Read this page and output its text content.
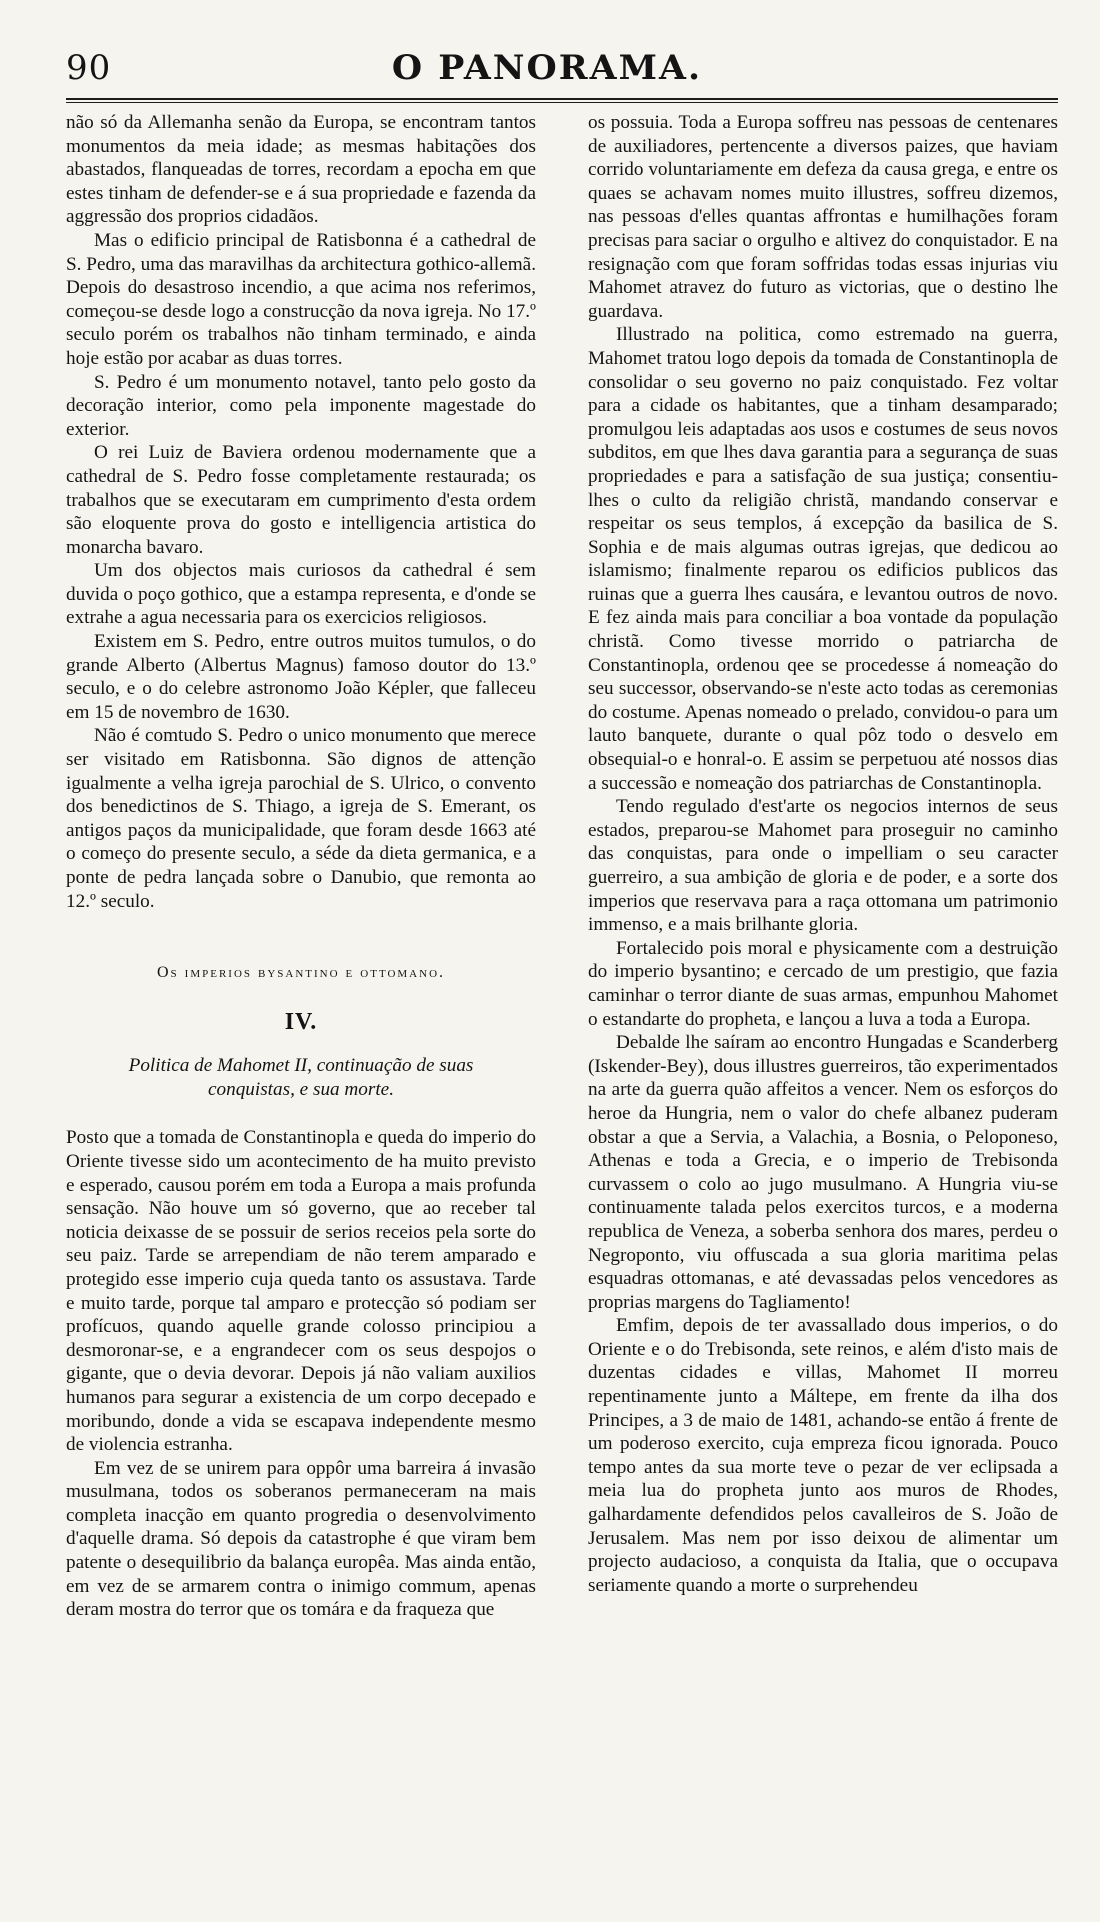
90	O PANORAMA.

não só da Allemanha senão da Europa, se encontram tantos monumentos da meia idade; as mesmas habitações dos abastados, flanqueadas de torres, recordam a epocha em que estes tinham de defender-se e á sua propriedade e fazenda da aggressão dos proprios cidadãos.

Mas o edificio principal de Ratisbonna é a cathedral de S. Pedro, uma das maravilhas da architectura gothico-allemã. Depois do desastroso incendio, a que acima nos referimos, começou-se desde logo a construcção da nova igreja. No 17.º seculo porém os trabalhos não tinham terminado, e ainda hoje estão por acabar as duas torres.

S. Pedro é um monumento notavel, tanto pelo gosto da decoração interior, como pela imponente magestade do exterior.

O rei Luiz de Baviera ordenou modernamente que a cathedral de S. Pedro fosse completamente restaurada; os trabalhos que se executaram em cumprimento d'esta ordem são eloquente prova do gosto e intelligencia artistica do monarcha bavaro.

Um dos objectos mais curiosos da cathedral é sem duvida o poço gothico, que a estampa representa, e d'onde se extrahe a agua necessaria para os exercicios religiosos.

Existem em S. Pedro, entre outros muitos tumulos, o do grande Alberto (Albertus Magnus) famoso doutor do 13.º seculo, e o do celebre astronomo João Képler, que falleceu em 15 de novembro de 1630.

Não é comtudo S. Pedro o unico monumento que merece ser visitado em Ratisbonna. São dignos de attenção igualmente a velha igreja parochial de S. Ulrico, o convento dos benedictinos de S. Thiago, a igreja de S. Emerant, os antigos paços da municipalidade, que foram desde 1663 até o começo do presente seculo, a séde da dieta germanica, e a ponte de pedra lançada sobre o Danubio, que remonta ao 12.º seculo.

Os imperios bysantino e ottomano.
IV.
Politica de Mahomet II, continuação de suas conquistas, e sua morte.

Posto que a tomada de Constantinopla e queda do imperio do Oriente tivesse sido um acontecimento de ha muito previsto e esperado, causou porém em toda a Europa a mais profunda sensação. Não houve um só governo, que ao receber tal noticia deixasse de se possuir de serios receios pela sorte do seu paiz. Tarde se arrependiam de não terem amparado e protegido esse imperio cuja queda tanto os assustava. Tarde e muito tarde, porque tal amparo e protecção só podiam ser profícuos, quando aquelle grande colosso principiou a desmoronar-se, e a engrandecer com os seus despojos o gigante, que o devia devorar. Depois já não valiam auxilios humanos para segurar a existencia de um corpo decepado e moribundo, donde a vida se escapava independente mesmo de violencia estranha.

Em vez de se unirem para oppôr uma barreira á invasão musulmana, todos os soberanos permaneceram na mais completa inacção em quanto progredia o desenvolvimento d'aquelle drama. Só depois da catastrophe é que viram bem patente o desequilibrio da balança europêa. Mas ainda então, em vez de se armarem contra o inimigo commum, apenas deram mostra do terror que os tomára e da fraqueza que

os possuia. Toda a Europa soffreu nas pessoas de centenares de auxiliadores, pertencente a diversos paizes, que haviam corrido voluntariamente em defeza da causa grega, e entre os quaes se achavam nomes muito illustres, soffreu dizemos, nas pessoas d'elles quantas affrontas e humilhações foram precisas para saciar o orgulho e altivez do conquistador. E na resignação com que foram soffridas todas essas injurias viu Mahomet atravez do futuro as victorias, que o destino lhe guardava.

Illustrado na politica, como estremado na guerra, Mahomet tratou logo depois da tomada de Constantinopla de consolidar o seu governo no paiz conquistado. Fez voltar para a cidade os habitantes, que a tinham desamparado; promulgou leis adaptadas aos usos e costumes de seus novos subditos, em que lhes dava garantia para a segurança de suas propriedades e para a satisfação de sua justiça; consentiu-lhes o culto da religião christã, mandando conservar e respeitar os seus templos, á excepção da basilica de S. Sophia e de mais algumas outras igrejas, que dedicou ao islamismo; finalmente reparou os edificios publicos das ruinas que a guerra lhes causára, e levantou outros de novo. E fez ainda mais para conciliar a boa vontade da população christã. Como tivesse morrido o patriarcha de Constantinopla, ordenou qee se procedesse á nomeação do seu successor, observando-se n'este acto todas as ceremonias do costume. Apenas nomeado o prelado, convidou-o para um lauto banquete, durante o qual pôz todo o desvelo em obsequial-o e honral-o. E assim se perpetuou até nossos dias a successão e nomeação dos patriarchas de Constantinopla.

Tendo regulado d'est'arte os negocios internos de seus estados, preparou-se Mahomet para proseguir no caminho das conquistas, para onde o impelliam o seu caracter guerreiro, a sua ambição de gloria e de poder, e a sorte dos imperios que reservava para a raça ottomana um patrimonio immenso, e a mais brilhante gloria.

Fortalecido pois moral e physicamente com a destruição do imperio bysantino; e cercado de um prestigio, que fazia caminhar o terror diante de suas armas, empunhou Mahomet o estandarte do propheta, e lançou a luva a toda a Europa.

Debalde lhe saíram ao encontro Hungadas e Scanderberg (Iskender-Bey), dous illustres guerreiros, tão experimentados na arte da guerra quão affeitos a vencer. Nem os esforços do heroe da Hungria, nem o valor do chefe albanez puderam obstar a que a Servia, a Valachia, a Bosnia, o Peloponeso, Athenas e toda a Grecia, e o imperio de Trebisonda curvassem o colo ao jugo musulmano. A Hungria viu-se continuamente talada pelos exercitos turcos, e a moderna republica de Veneza, a soberba senhora dos mares, perdeu o Negroponto, viu offuscada a sua gloria maritima pelas esquadras ottomanas, e até devassadas pelos vencedores as proprias margens do Tagliamento!

Emfim, depois de ter avassallado dous imperios, o do Oriente e o do Trebisonda, sete reinos, e além d'isto mais de duzentas cidades e villas, Mahomet II morreu repentinamente junto a Máltepe, em frente da ilha dos Principes, a 3 de maio de 1481, achando-se então á frente de um poderoso exercito, cuja empreza ficou ignorada. Pouco tempo antes da sua morte teve o pezar de ver eclipsada a meia lua do propheta junto aos muros de Rhodes, galhardamente defendidos pelos cavalleiros de S. João de Jerusalem. Mas nem por isso deixou de alimentar um projecto audacioso, a conquista da Italia, que o occupava seriamente quando a morte o surprehendeu
